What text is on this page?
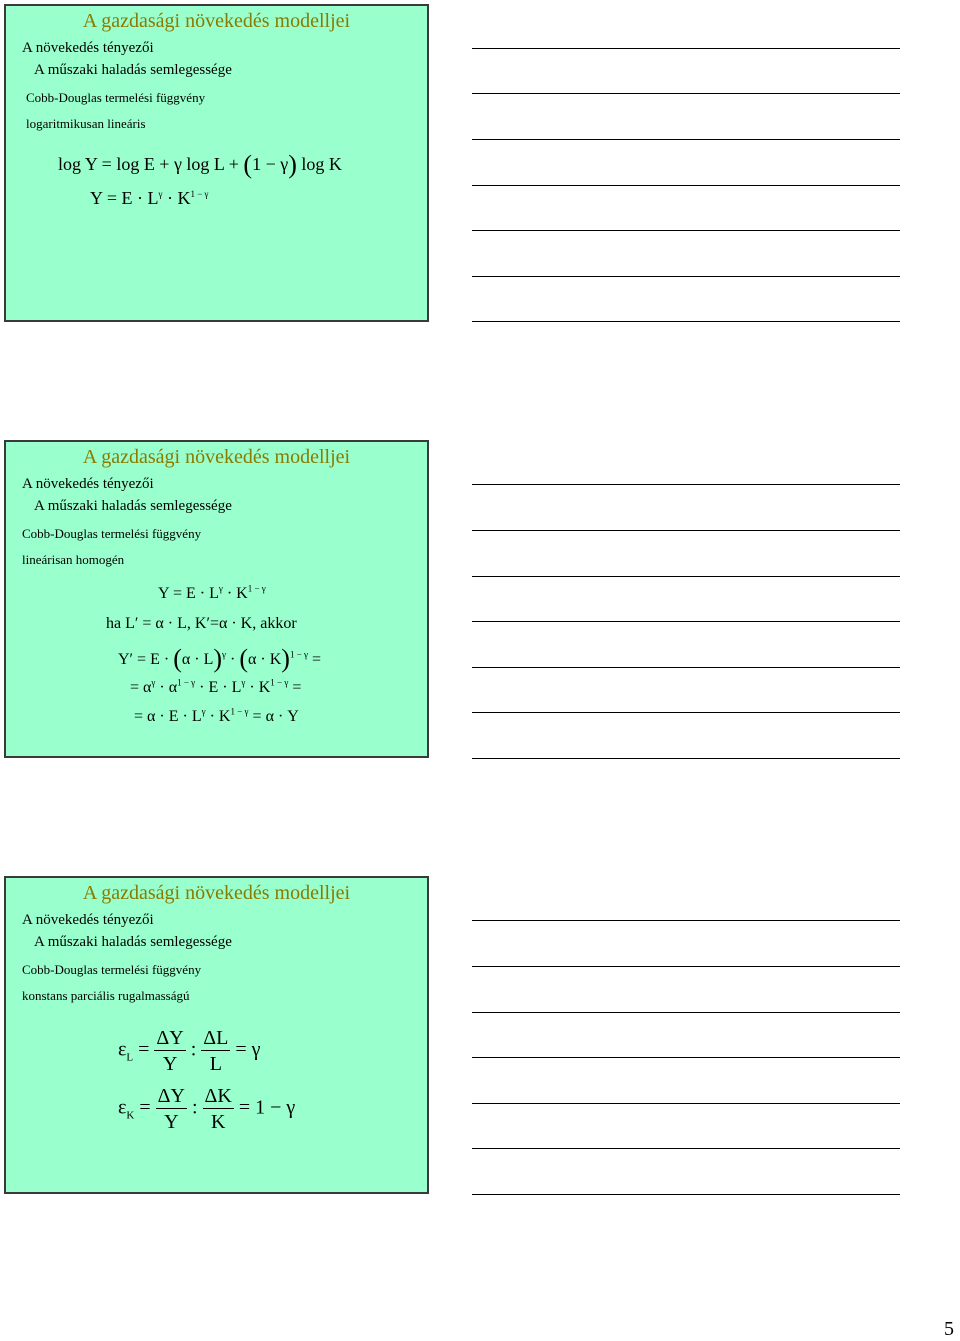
A gazdasági növekedés modelljei
A növekedés tényezői
A műszaki haladás semlegessége
Cobb-Douglas termelési függvény
logaritmikusan lineáris
log Y = log E + γ log L + (1 − γ) log K
$Y = E \cdot L^\gamma \cdot K^{1 - \gamma}$
A gazdasági növekedés modelljei
A növekedés tényezői
A műszaki haladás semlegessége
Cobb-Douglas termelési függvény
lineárisan homogén
$Y = E \cdot L^\gamma \cdot K^{1 - \gamma}$
ha L′ = α · L, K′=α · K, akkor
$Y' = E \cdot (\alpha \cdot L)^\gamma \cdot (\alpha \cdot K)^{1 - \gamma}$ =
= $\alpha^\gamma \cdot \alpha^{1 - \gamma} \cdot E \cdot L^\gamma \cdot K^{1 - \gamma}$ =
= $\alpha \cdot E \cdot L^\gamma \cdot K^{1 - \gamma} = \alpha \cdot Y$
A gazdasági növekedés modelljei
A növekedés tényezői
A műszaki haladás semlegessége
Cobb-Douglas termelési függvény
konstans parciális rugalmasságú
$\varepsilon_L = \frac{\Delta Y}{Y}$ : $\frac{\Delta L}{L} = \gamma$
$\varepsilon_K = \frac{\Delta Y}{Y}$ : $\frac{\Delta K}{K} = 1 - \gamma$
5
